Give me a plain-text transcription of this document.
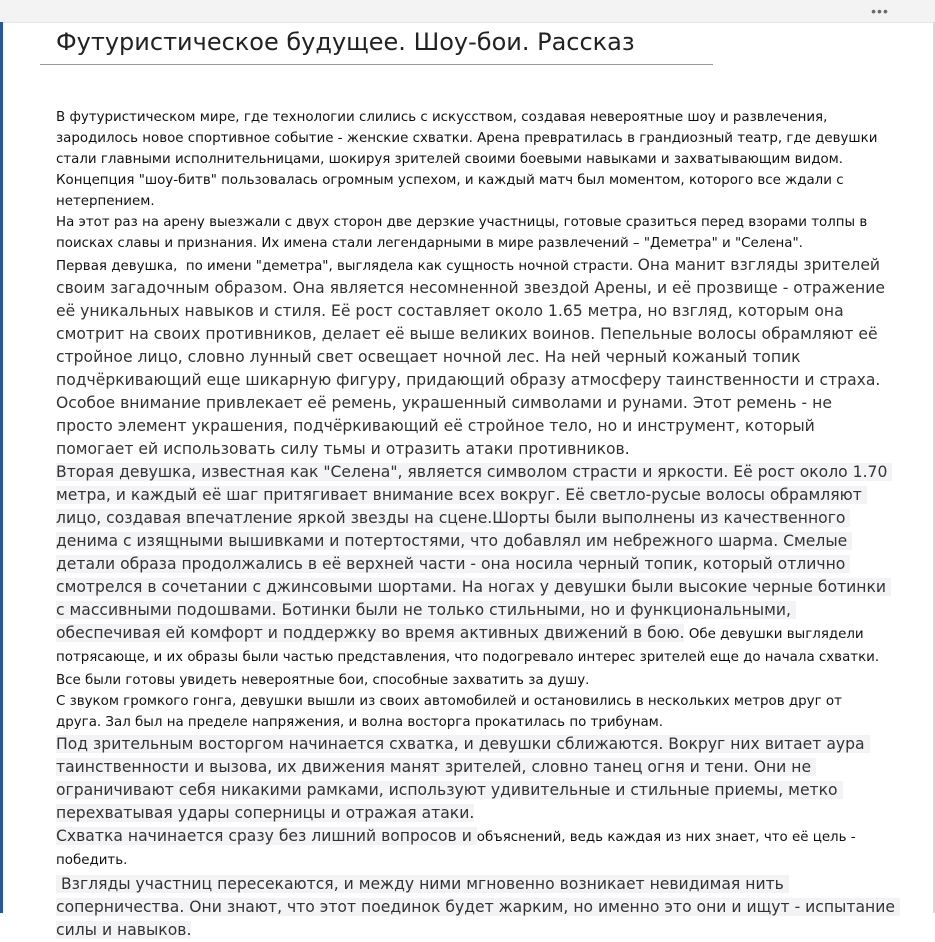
•••
Футуристическое будущее. Шоу-бои. Рассказ

В футуристическом мире, где технологии слились с искусством, создавая невероятные шоу и развлечения, зародилось новое спортивное событие - женские схватки. Арена превратилась в грандиозный театр, где девушки стали главными исполнительницами, шокируя зрителей своими боевыми навыками и захватывающим видом. Концепция "шоу-битв" пользовалась огромным успехом, и каждый матч был моментом, которого все ждали с нетерпением.

На этот раз на арену выезжали с двух сторон две дерзкие участницы, готовые сразиться перед взорами толпы в поисках славы и признания. Их имена стали легендарными в мире развлечений – "Деметра" и "Селена".

Первая девушка,  по имени "деметра", выглядела как сущность ночной страсти. Она манит взгляды зрителей своим загадочным образом. Она является несомненной звездой Арены, и её прозвище - отражение её уникальных навыков и стиля. Её рост составляет около 1.65 метра, но взгляд, которым она смотрит на своих противников, делает её выше великих воинов. Пепельные волосы обрамляют её стройное лицо, словно лунный свет освещает ночной лес. На ней черный кожаный топик подчёркивающий еще шикарную фигуру, придающий образу атмосферу таинственности и страха. Особое внимание привлекает её ремень, украшенный символами и рунами. Этот ремень - не просто элемент украшения, подчёркивающий её стройное тело, но и инструмент, который помогает ей использовать силу тьмы и отразить атаки противников.

Вторая девушка, известная как "Селена", является символом страсти и яркости. Её рост около 1.70 метра, и каждый её шаг притягивает внимание всех вокруг. Её светло-русые волосы обрамляют лицо, создавая впечатление яркой звезды на сцене.Шорты были выполнены из качественного денима с изящными вышивками и потертостями, что добавлял им небрежного шарма. Смелые детали образа продолжались в её верхней части - она носила черный топик, который отлично смотрелся в сочетании с джинсовыми шортами. На ногах у девушки были высокие черные ботинки с массивными подошвами. Ботинки были не только стильными, но и функциональными, обеспечивая ей комфорт и поддержку во время активных движений в бою. Обе девушки выглядели потрясающе, и их образы были частью представления, что подогревало интерес зрителей еще до начала схватки. Все были готовы увидеть невероятные бои, способные захватить за душу.

С звуком громкого гонга, девушки вышли из своих автомобилей и остановились в нескольких метров друг от друга. Зал был на пределе напряжения, и волна восторга прокатилась по трибунам.

Под зрительным восторгом начинается схватка, и девушки сближаются. Вокруг них витает аура таинственности и вызова, их движения манят зрителей, словно танец огня и тени. Они не ограничивают себя никакими рамками, используют удивительные и стильные приемы, метко перехватывая удары соперницы и отражая атаки.

Схватка начинается сразу без лишний вопросов и объяснений, ведь каждая из них знает, что её цель - победить.

Взгляды участниц пересекаются, и между ними мгновенно возникает невидимая нить соперничества. Они знают, что этот поединок будет жарким, но именно это они и ищут - испытание силы и навыков.
